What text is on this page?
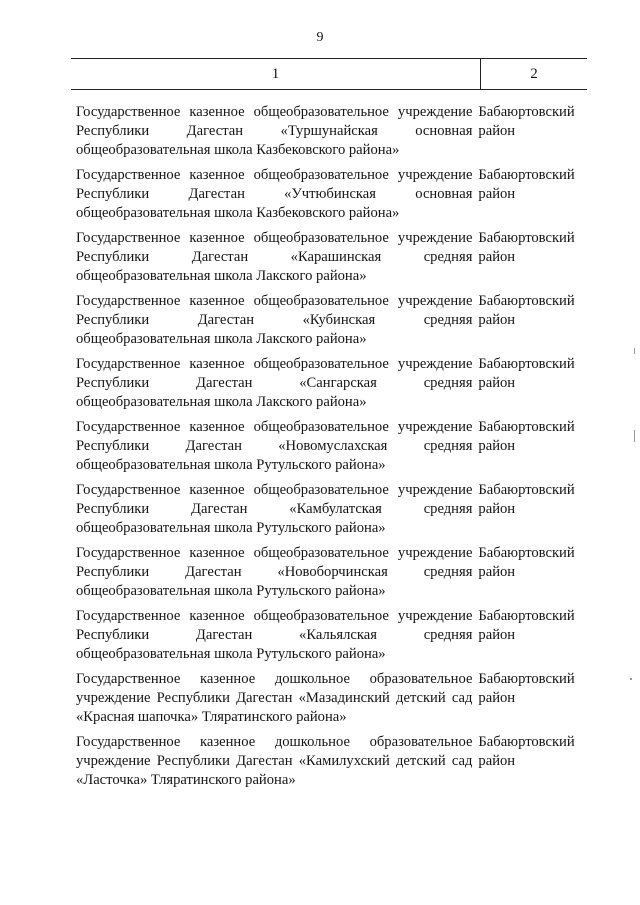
9
1	2
Государственное казенное общеобразовательное учреждение Республики Дагестан «Туршунайская основная общеобразовательная школа Казбековского района»
Бабаюртовский район
Государственное казенное общеобразовательное учреждение Республики Дагестан «Учтюбинская основная общеобразовательная школа Казбековского района»
Бабаюртовский район
Государственное казенное общеобразовательное учреждение Республики Дагестан «Карашинская средняя общеобразовательная школа Лакского района»
Бабаюртовский район
Государственное казенное общеобразовательное учреждение Республики Дагестан «Кубинская средняя общеобразовательная школа Лакского района»
Бабаюртовский район
Государственное казенное общеобразовательное учреждение Республики Дагестан «Сангарская средняя общеобразовательная школа Лакского района»
Бабаюртовский район
Государственное казенное общеобразовательное учреждение Республики Дагестан «Новомуслахская средняя общеобразовательная школа Рутульского района»
Бабаюртовский район
Государственное казенное общеобразовательное учреждение Республики Дагестан «Камбулатская средняя общеобразовательная школа Рутульского района»
Бабаюртовский район
Государственное казенное общеобразовательное учреждение Республики Дагестан «Новоборчинская средняя общеобразовательная школа Рутульского района»
Бабаюртовский район
Государственное казенное общеобразовательное учреждение Республики Дагестан «Кальялская средняя общеобразовательная школа Рутульского района»
Бабаюртовский район
Государственное казенное дошкольное образовательное учреждение Республики Дагестан «Мазадинский детский сад «Красная шапочка» Тляратинского района»
Бабаюртовский район
Государственное казенное дошкольное образовательное учреждение Республики Дагестан «Камилухский детский сад «Ласточка» Тляратинского района»
Бабаюртовский район
